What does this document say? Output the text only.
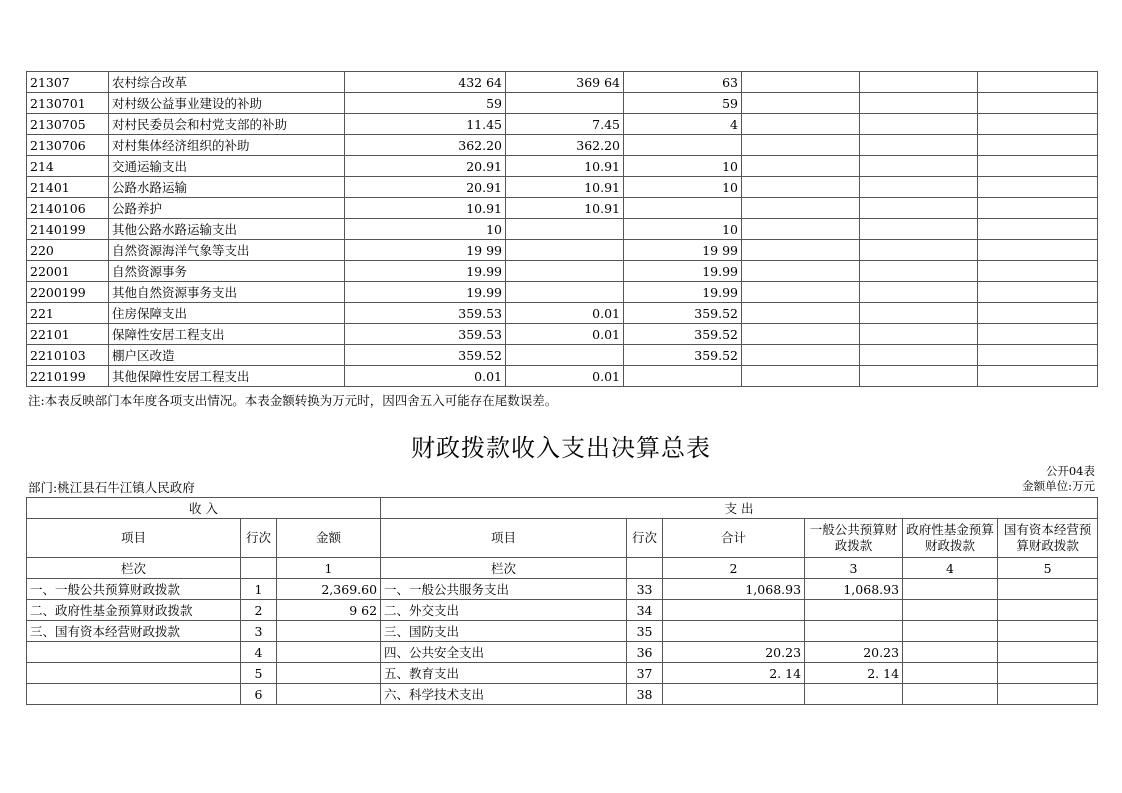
21307	农村综合改革	432 64	369 64	63			
2130701	对村级公益事业建设的补助	59		59			
2130705	对村民委员会和村党支部的补助	11.45	7.45	4			
2130706	对村集体经济组织的补助	362.20	362.20				
214	交通运输支出	20.91	10.91	10			
21401	公路水路运输	20.91	10.91	10			
2140106	公路养护	10.91	10.91				
2140199	其他公路水路运输支出	10		10			
220	自然资源海洋气象等支出	19 99		19 99			
22001	自然资源事务	19.99		19.99			
2200199	其他自然资源事务支出	19.99		19.99			
221	住房保障支出	359.53	0.01	359.52			
22101	保障性安居工程支出	359.53	0.01	359.52			
2210103	棚户区改造	359.52		359.52			
2210199	其他保障性安居工程支出	0.01	0.01				
注:本表反映部门本年度各项支出情况。本表金额转换为万元时，因四舍五入可能存在尾数误差。
财政拨款收入支出决算总表
公开04表
金额单位:万元
部门:桃江县石牛江镇人民政府
收 入			支 出					
项目	行次	金额	项目	行次	合计	一般公共预算财政拨款	政府性基金预算财政拨款	国有资本经营预算财政拨款
栏次		1	栏次		2	3	4	5
一、一般公共预算财政拨款	1	2,369.60	一、一般公共服务支出	33	1,068.93	1,068.93		
二、政府性基金预算财政拨款	2	9 62	二、外交支出	34				
三、国有资本经营财政拨款	3		三、国防支出	35				
	4		四、公共安全支出	36	20.23	20.23		
	5		五、教育支出	37	2. 14	2. 14		
	6		六、科学技术支出	38				
